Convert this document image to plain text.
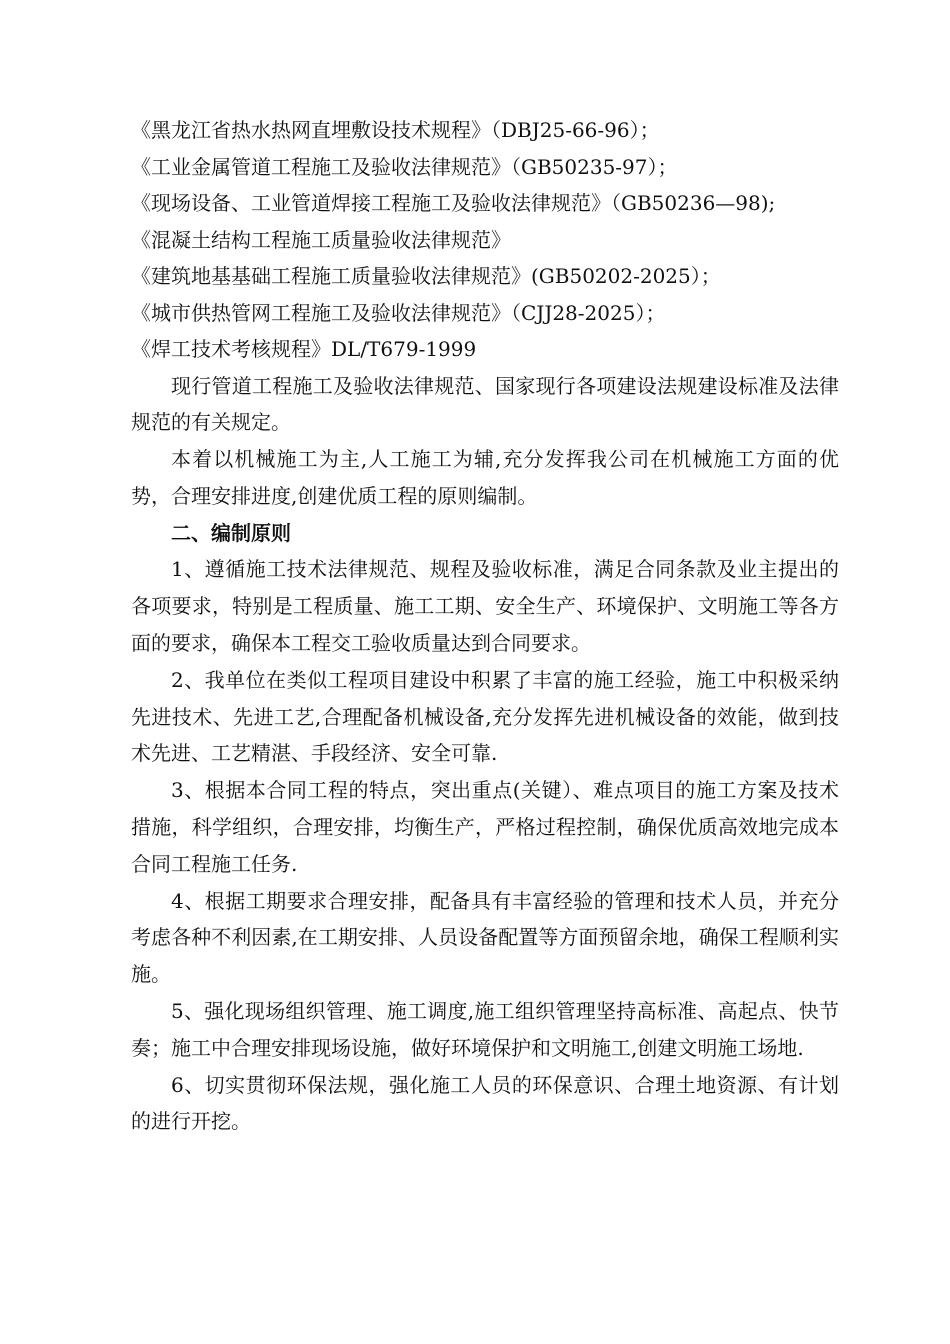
《黑龙江省热水热网直埋敷设技术规程》（DBJ25-66-96）；
《工业金属管道工程施工及验收法律规范》（GB50235-97）；
《现场设备、工业管道焊接工程施工及验收法律规范》（GB50236—98);
《混凝土结构工程施工质量验收法律规范》
《建筑地基基础工程施工质量验收法律规范》(GB50202-2025）；
《城市供热管网工程施工及验收法律规范》（CJJ28-2025）；
《焊工技术考核规程》DL/T679-1999

现行管道工程施工及验收法律规范、国家现行各项建设法规建设标准及法律规范的有关规定。

本着以机械施工为主,人工施工为辅,充分发挥我公司在机械施工方面的优势，合理安排进度,创建优质工程的原则编制。

二、编制原则

1、遵循施工技术法律规范、规程及验收标准，满足合同条款及业主提出的各项要求，特别是工程质量、施工工期、安全生产、环境保护、文明施工等各方面的要求，确保本工程交工验收质量达到合同要求。

2、我单位在类似工程项目建设中积累了丰富的施工经验，施工中积极采纳先进技术、先进工艺,合理配备机械设备,充分发挥先进机械设备的效能，做到技术先进、工艺精湛、手段经济、安全可靠.

3、根据本合同工程的特点，突出重点(关键）、难点项目的施工方案及技术措施，科学组织，合理安排，均衡生产，严格过程控制，确保优质高效地完成本合同工程施工任务.

4、根据工期要求合理安排，配备具有丰富经验的管理和技术人员，并充分考虑各种不利因素,在工期安排、人员设备配置等方面预留余地，确保工程顺利实施。

5、强化现场组织管理、施工调度,施工组织管理坚持高标准、高起点、快节奏；施工中合理安排现场设施，做好环境保护和文明施工,创建文明施工场地.

6、切实贯彻环保法规，强化施工人员的环保意识、合理土地资源、有计划的进行开挖。
